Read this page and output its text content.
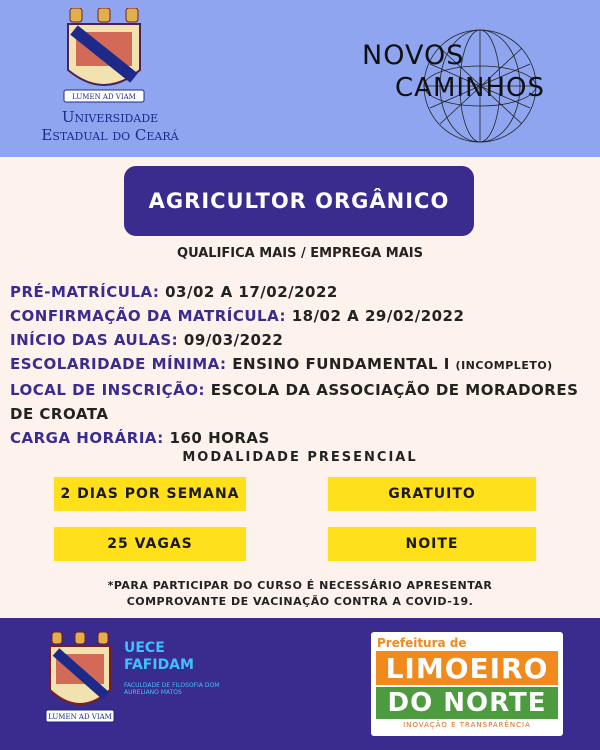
LUMEN AD VIAM
Universidade
Estadual do Ceará
NOVOS
CAMINHOS
AGRICULTOR ORGÂNICO
QUALIFICA MAIS / EMPREGA MAIS
PRÉ-MATRÍCULA: 03/02 A 17/02/2022
CONFIRMAÇÃO DA MATRÍCULA: 18/02 A 29/02/2022
INÍCIO DAS AULAS: 09/03/2022
ESCOLARIDADE MÍNIMA: ENSINO FUNDAMENTAL I (INCOMPLETO)
LOCAL DE INSCRIÇÃO: ESCOLA DA ASSOCIAÇÃO DE MORADORES
DE CROATA
CARGA HORÁRIA: 160 HORAS
MODALIDADE PRESENCIAL
2 DIAS POR SEMANA	GRATUITO
25 VAGAS	NOITE
*PARA PARTICIPAR DO CURSO É NECESSÁRIO APRESENTAR
COMPROVANTE DE VACINAÇÃO CONTRA A COVID-19.
LUMEN AD VIAM
UECE
FAFIDAM
FACULDADE DE FILOSOFIA DOM AURELIANO MATOS
Prefeitura de
LIMOEIRO
DO NORTE
INOVAÇÃO E TRANSPARÊNCIA
